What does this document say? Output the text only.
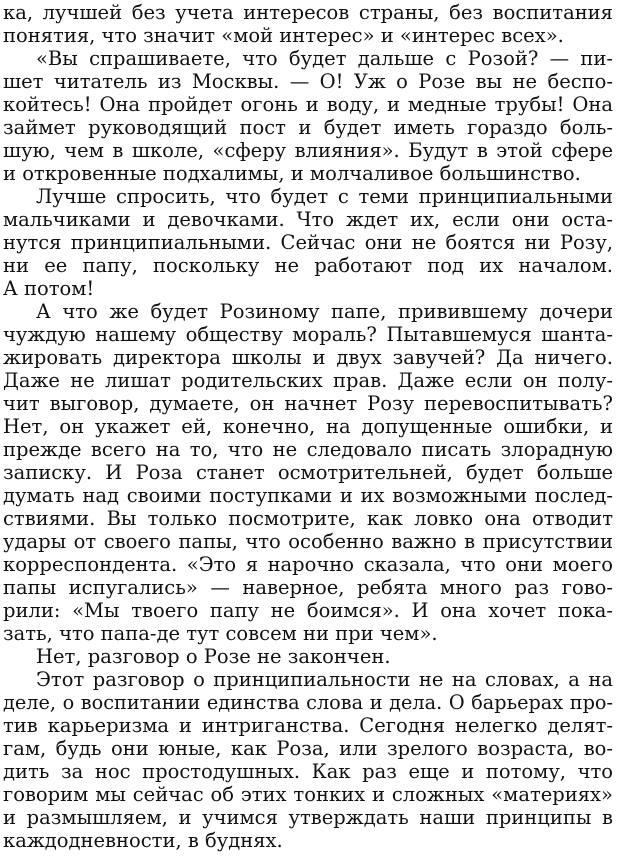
ка, лучшей без учета интересов страны, без воспитания
понятия, что значит «мой интерес» и «интерес всех».
«Вы спрашиваете, что будет дальше с Розой? — пи-
шет читатель из Москвы. — О! Уж о Розе вы не беспо-
койтесь! Она пройдет огонь и воду, и медные трубы! Она
займет руководящий пост и будет иметь гораздо боль-
шую, чем в школе, «сферу влияния». Будут в этой сфере
и откровенные подхалимы, и молчаливое большинство.
Лучше спросить, что будет с теми принципиальными
мальчиками и девочками. Что ждет их, если они оста-
нутся принципиальными. Сейчас они не боятся ни Розу,
ни ее папу, поскольку не работают под их началом.
А потом!
А что же будет Розиному папе, привившему дочери
чуждую нашему обществу мораль? Пытавшемуся шанта-
жировать директора школы и двух завучей? Да ничего.
Даже не лишат родительских прав. Даже если он полу-
чит выговор, думаете, он начнет Розу перевоспитывать?
Нет, он укажет ей, конечно, на допущенные ошибки, и
прежде всего на то, что не следовало писать злорадную
записку. И Роза станет осмотрительней, будет больше
думать над своими поступками и их возможными послед-
ствиями. Вы только посмотрите, как ловко она отводит
удары от своего папы, что особенно важно в присутствии
корреспондента. «Это я нарочно сказала, что они моего
папы испугались» — наверное, ребята много раз гово-
рили: «Мы твоего папу не боимся». И она хочет пока-
зать, что папа-де тут совсем ни при чем».
Нет, разговор о Розе не закончен.
Этот разговор о принципиальности не на словах, а на
деле, о воспитании единства слова и дела. О барьерах про-
тив карьеризма и интриганства. Сегодня нелегко делят-
гам, будь они юные, как Роза, или зрелого возраста, во-
дить за нос простодушных. Как раз еще и потому, что
говорим мы сейчас об этих тонких и сложных «материях»
и размышляем, и учимся утверждать наши принципы в
каждодневности, в буднях.
